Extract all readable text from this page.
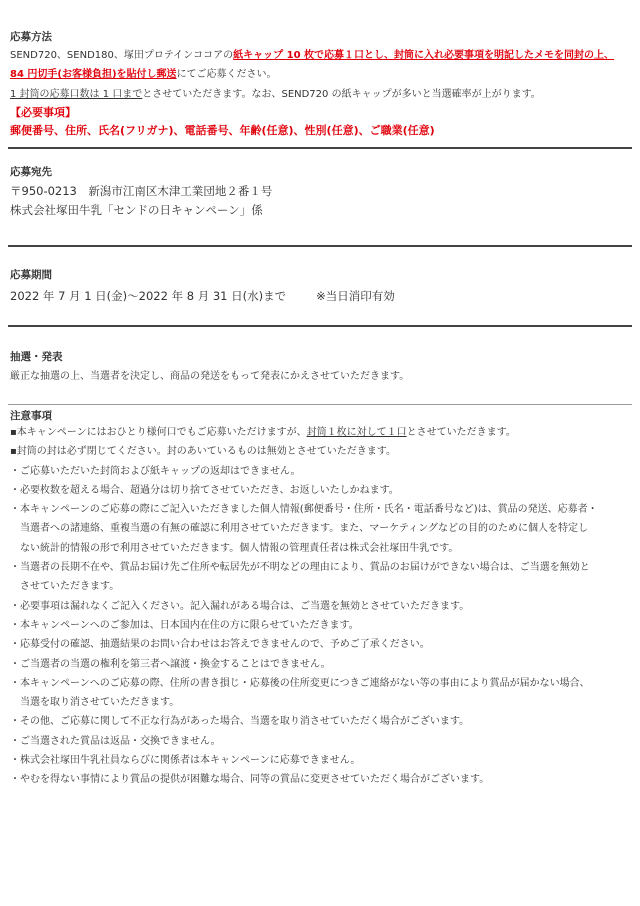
応募方法

SEND720、SEND180、塚田プロテインココアの紙キャップ 10 枚で応募１口とし、封筒に入れ必要事項を明記したメモを同封の上、

84 円切手(お客様負担)を貼付し郵送にてご応募ください。

1 封筒の応募口数は 1 口までとさせていただきます。なお、SEND720 の紙キャップが多いと当選確率が上がります。

【必要事項】

郵便番号、住所、氏名(フリガナ)、電話番号、年齢(任意)、性別(任意)、ご職業(任意)

応募宛先

〒950-0213　新潟市江南区木津工業団地２番１号

株式会社塚田牛乳「センドの日キャンペーン」係

応募期間

2022 年 7 月 1 日(金)～2022 年 8 月 31 日(水)まで	※当日消印有効

抽選・発表

厳正な抽選の上、当選者を決定し、商品の発送をもって発表にかえさせていただきます。

注意事項

▪本キャンペーンにはおひとり様何口でもご応募いただけますが、封筒１枚に対して１口とさせていただきます。

▪封筒の封は必ず閉じてください。封のあいているものは無効とさせていただきます。

・ご応募いただいた封筒および紙キャップの返却はできません。

・必要枚数を超える場合、超過分は切り捨てさせていただき、お返しいたしかねます。

・本キャンペーンのご応募の際にご記入いただきました個人情報(郵便番号・住所・氏名・電話番号など)は、賞品の発送、応募者・

当選者への諸連絡、重複当選の有無の確認に利用させていただきます。また、マーケティングなどの目的のために個人を特定し

ない統計的情報の形で利用させていただきます。個人情報の管理責任者は株式会社塚田牛乳です。

・当選者の長期不在や、賞品お届け先ご住所や転居先が不明などの理由により、賞品のお届けができない場合は、ご当選を無効と

させていただきます。

・必要事項は漏れなくご記入ください。記入漏れがある場合は、ご当選を無効とさせていただきます。

・本キャンペーンへのご参加は、日本国内在住の方に限らせていただきます。

・応募受付の確認、抽選結果のお問い合わせはお答えできませんので、予めご了承ください。

・ご当選者の当選の権利を第三者へ譲渡・換金することはできません。

・本キャンペーンへのご応募の際、住所の書き損じ・応募後の住所変更につきご連絡がない等の事由により賞品が届かない場合、

当選を取り消させていただきます。

・その他、ご応募に関して不正な行為があった場合、当選を取り消させていただく場合がございます。

・ご当選された賞品は返品・交換できません。

・株式会社塚田牛乳社員ならびに関係者は本キャンペーンに応募できません。

・やむを得ない事情により賞品の提供が困難な場合、同等の賞品に変更させていただく場合がございます。
